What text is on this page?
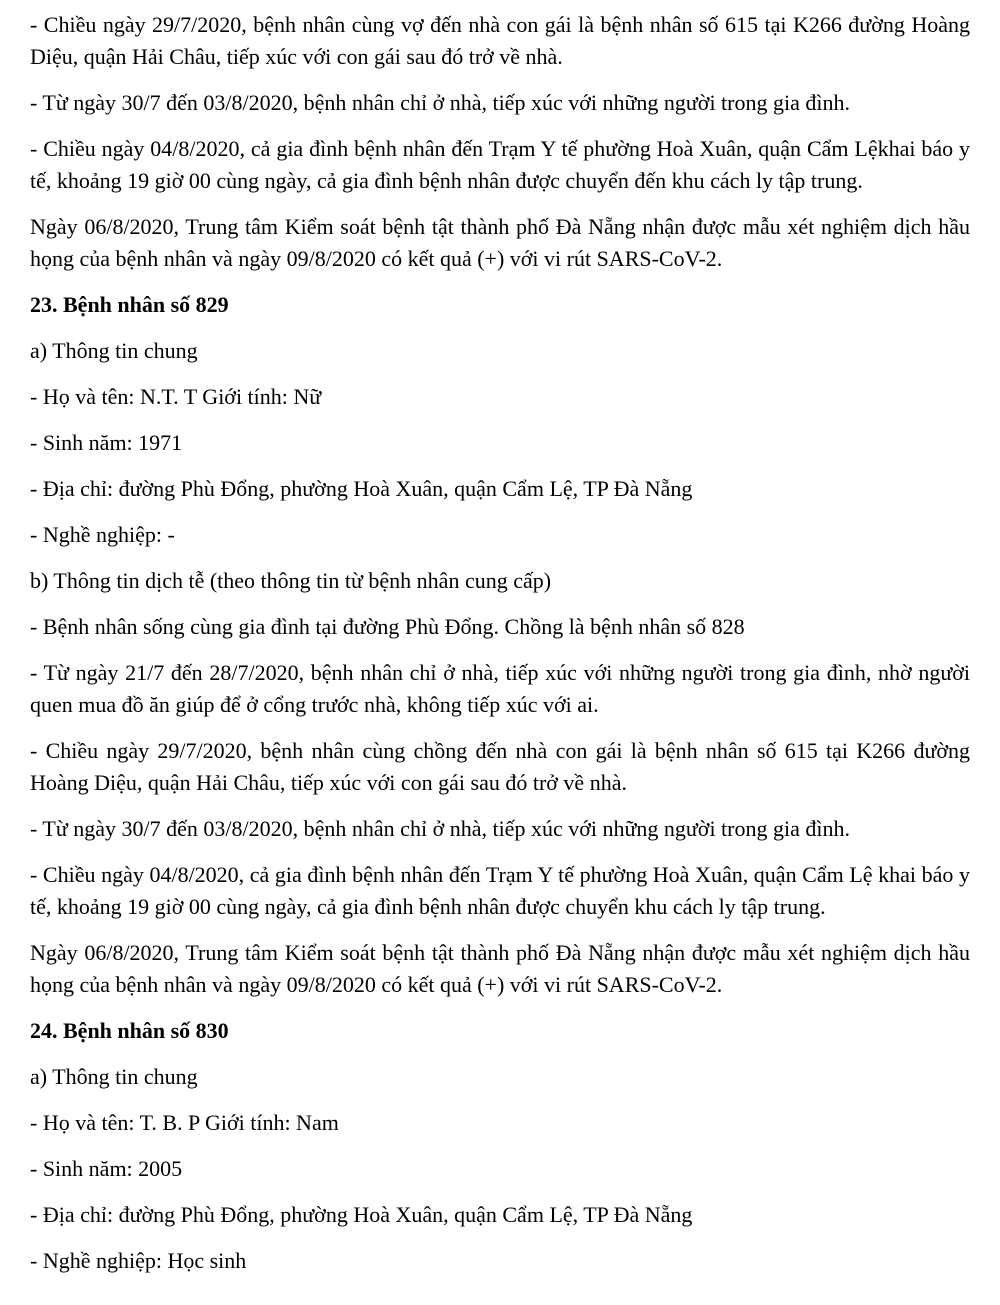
- Chiều ngày 29/7/2020, bệnh nhân cùng vợ đến nhà con gái là bệnh nhân số 615 tại K266 đường Hoàng Diệu, quận Hải Châu, tiếp xúc với con gái sau đó trở về nhà.

- Từ ngày 30/7 đến 03/8/2020, bệnh nhân chỉ ở nhà, tiếp xúc với những người trong gia đình.

- Chiều ngày 04/8/2020, cả gia đình bệnh nhân đến Trạm Y tế phường Hoà Xuân, quận Cẩm Lệkhai báo y tế, khoảng 19 giờ 00 cùng ngày, cả gia đình bệnh nhân được chuyển đến khu cách ly tập trung.

Ngày 06/8/2020, Trung tâm Kiểm soát bệnh tật thành phố Đà Nẵng nhận được mẫu xét nghiệm dịch hầu họng của bệnh nhân và ngày 09/8/2020 có kết quả (+) với vi rút SARS-CoV-2.

23. Bệnh nhân số 829

a) Thông tin chung

- Họ và tên: N.T. T Giới tính: Nữ

- Sinh năm: 1971

- Địa chỉ: đường Phù Đổng, phường Hoà Xuân, quận Cẩm Lệ, TP Đà Nẵng

- Nghề nghiệp: -

b) Thông tin dịch tễ (theo thông tin từ bệnh nhân cung cấp)

- Bệnh nhân sống cùng gia đình tại đường Phù Đổng. Chồng là bệnh nhân số 828

- Từ ngày 21/7 đến 28/7/2020, bệnh nhân chỉ ở nhà, tiếp xúc với những người trong gia đình, nhờ người quen mua đồ ăn giúp để ở cổng trước nhà, không tiếp xúc với ai.

- Chiều ngày 29/7/2020, bệnh nhân cùng chồng đến nhà con gái là bệnh nhân số 615 tại K266 đường Hoàng Diệu, quận Hải Châu, tiếp xúc với con gái sau đó trở về nhà.

- Từ ngày 30/7 đến 03/8/2020, bệnh nhân chỉ ở nhà, tiếp xúc với những người trong gia đình.

- Chiều ngày 04/8/2020, cả gia đình bệnh nhân đến Trạm Y tế phường Hoà Xuân, quận Cẩm Lệ khai báo y tế, khoảng 19 giờ 00 cùng ngày, cả gia đình bệnh nhân được chuyển khu cách ly tập trung.

Ngày 06/8/2020, Trung tâm Kiểm soát bệnh tật thành phố Đà Nẵng nhận được mẫu xét nghiệm dịch hầu họng của bệnh nhân và ngày 09/8/2020 có kết quả (+) với vi rút SARS-CoV-2.

24. Bệnh nhân số 830

a) Thông tin chung

- Họ và tên: T. B. P Giới tính: Nam

- Sinh năm: 2005

- Địa chỉ: đường Phù Đổng, phường Hoà Xuân, quận Cẩm Lệ, TP Đà Nẵng

- Nghề nghiệp: Học sinh
